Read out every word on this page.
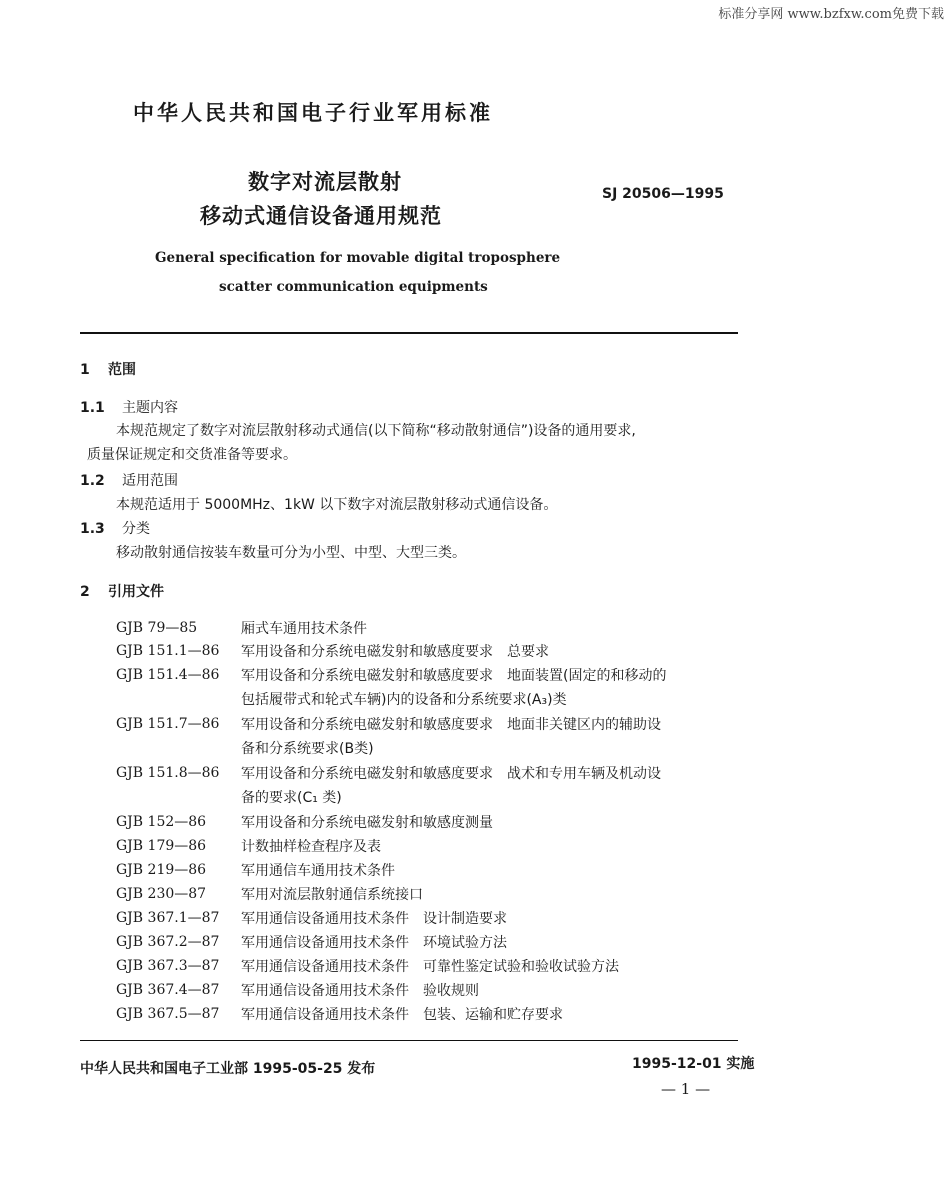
标准分享网 www.bzfxw.com免费下载
中华人民共和国电子行业军用标准
数字对流层散射
移动式通信设备通用规范
SJ 20506—1995
General specification for movable digital troposphere
scatter communication equipments
1 范围
1.1 主题内容
本规范规定了数字对流层散射移动式通信(以下简称“移动散射通信”)设备的通用要求,
质量保证规定和交货准备等要求。
1.2 适用范围
本规范适用于 5000MHz、1kW 以下数字对流层散射移动式通信设备。
1.3 分类
移动散射通信按装车数量可分为小型、中型、大型三类。
2 引用文件
GJB 79—85	厢式车通用技术条件
GJB 151.1—86 军用设备和分系统电磁发射和敏感度要求　总要求
GJB 151.4—86 军用设备和分系统电磁发射和敏感度要求　地面装置(固定的和移动的
包括履带式和轮式车辆)内的设备和分系统要求(A₃)类
GJB 151.7—86 军用设备和分系统电磁发射和敏感度要求　地面非关键区内的辅助设
备和分系统要求(B类)
GJB 151.8—86 军用设备和分系统电磁发射和敏感度要求　战术和专用车辆及机动设
备的要求(C₁ 类)
GJB 152—86 军用设备和分系统电磁发射和敏感度测量
GJB 179—86 计数抽样检查程序及表
GJB 219—86 军用通信车通用技术条件
GJB 230—87 军用对流层散射通信系统接口
GJB 367.1—87 军用通信设备通用技术条件　设计制造要求
GJB 367.2—87 军用通信设备通用技术条件　环境试验方法
GJB 367.3—87 军用通信设备通用技术条件　可靠性鉴定试验和验收试验方法
GJB 367.4—87 军用通信设备通用技术条件　验收规则
GJB 367.5—87 军用通信设备通用技术条件　包装、运输和贮存要求
中华人民共和国电子工业部 1995-05-25 发布	1995-12-01 实施
— 1 —
